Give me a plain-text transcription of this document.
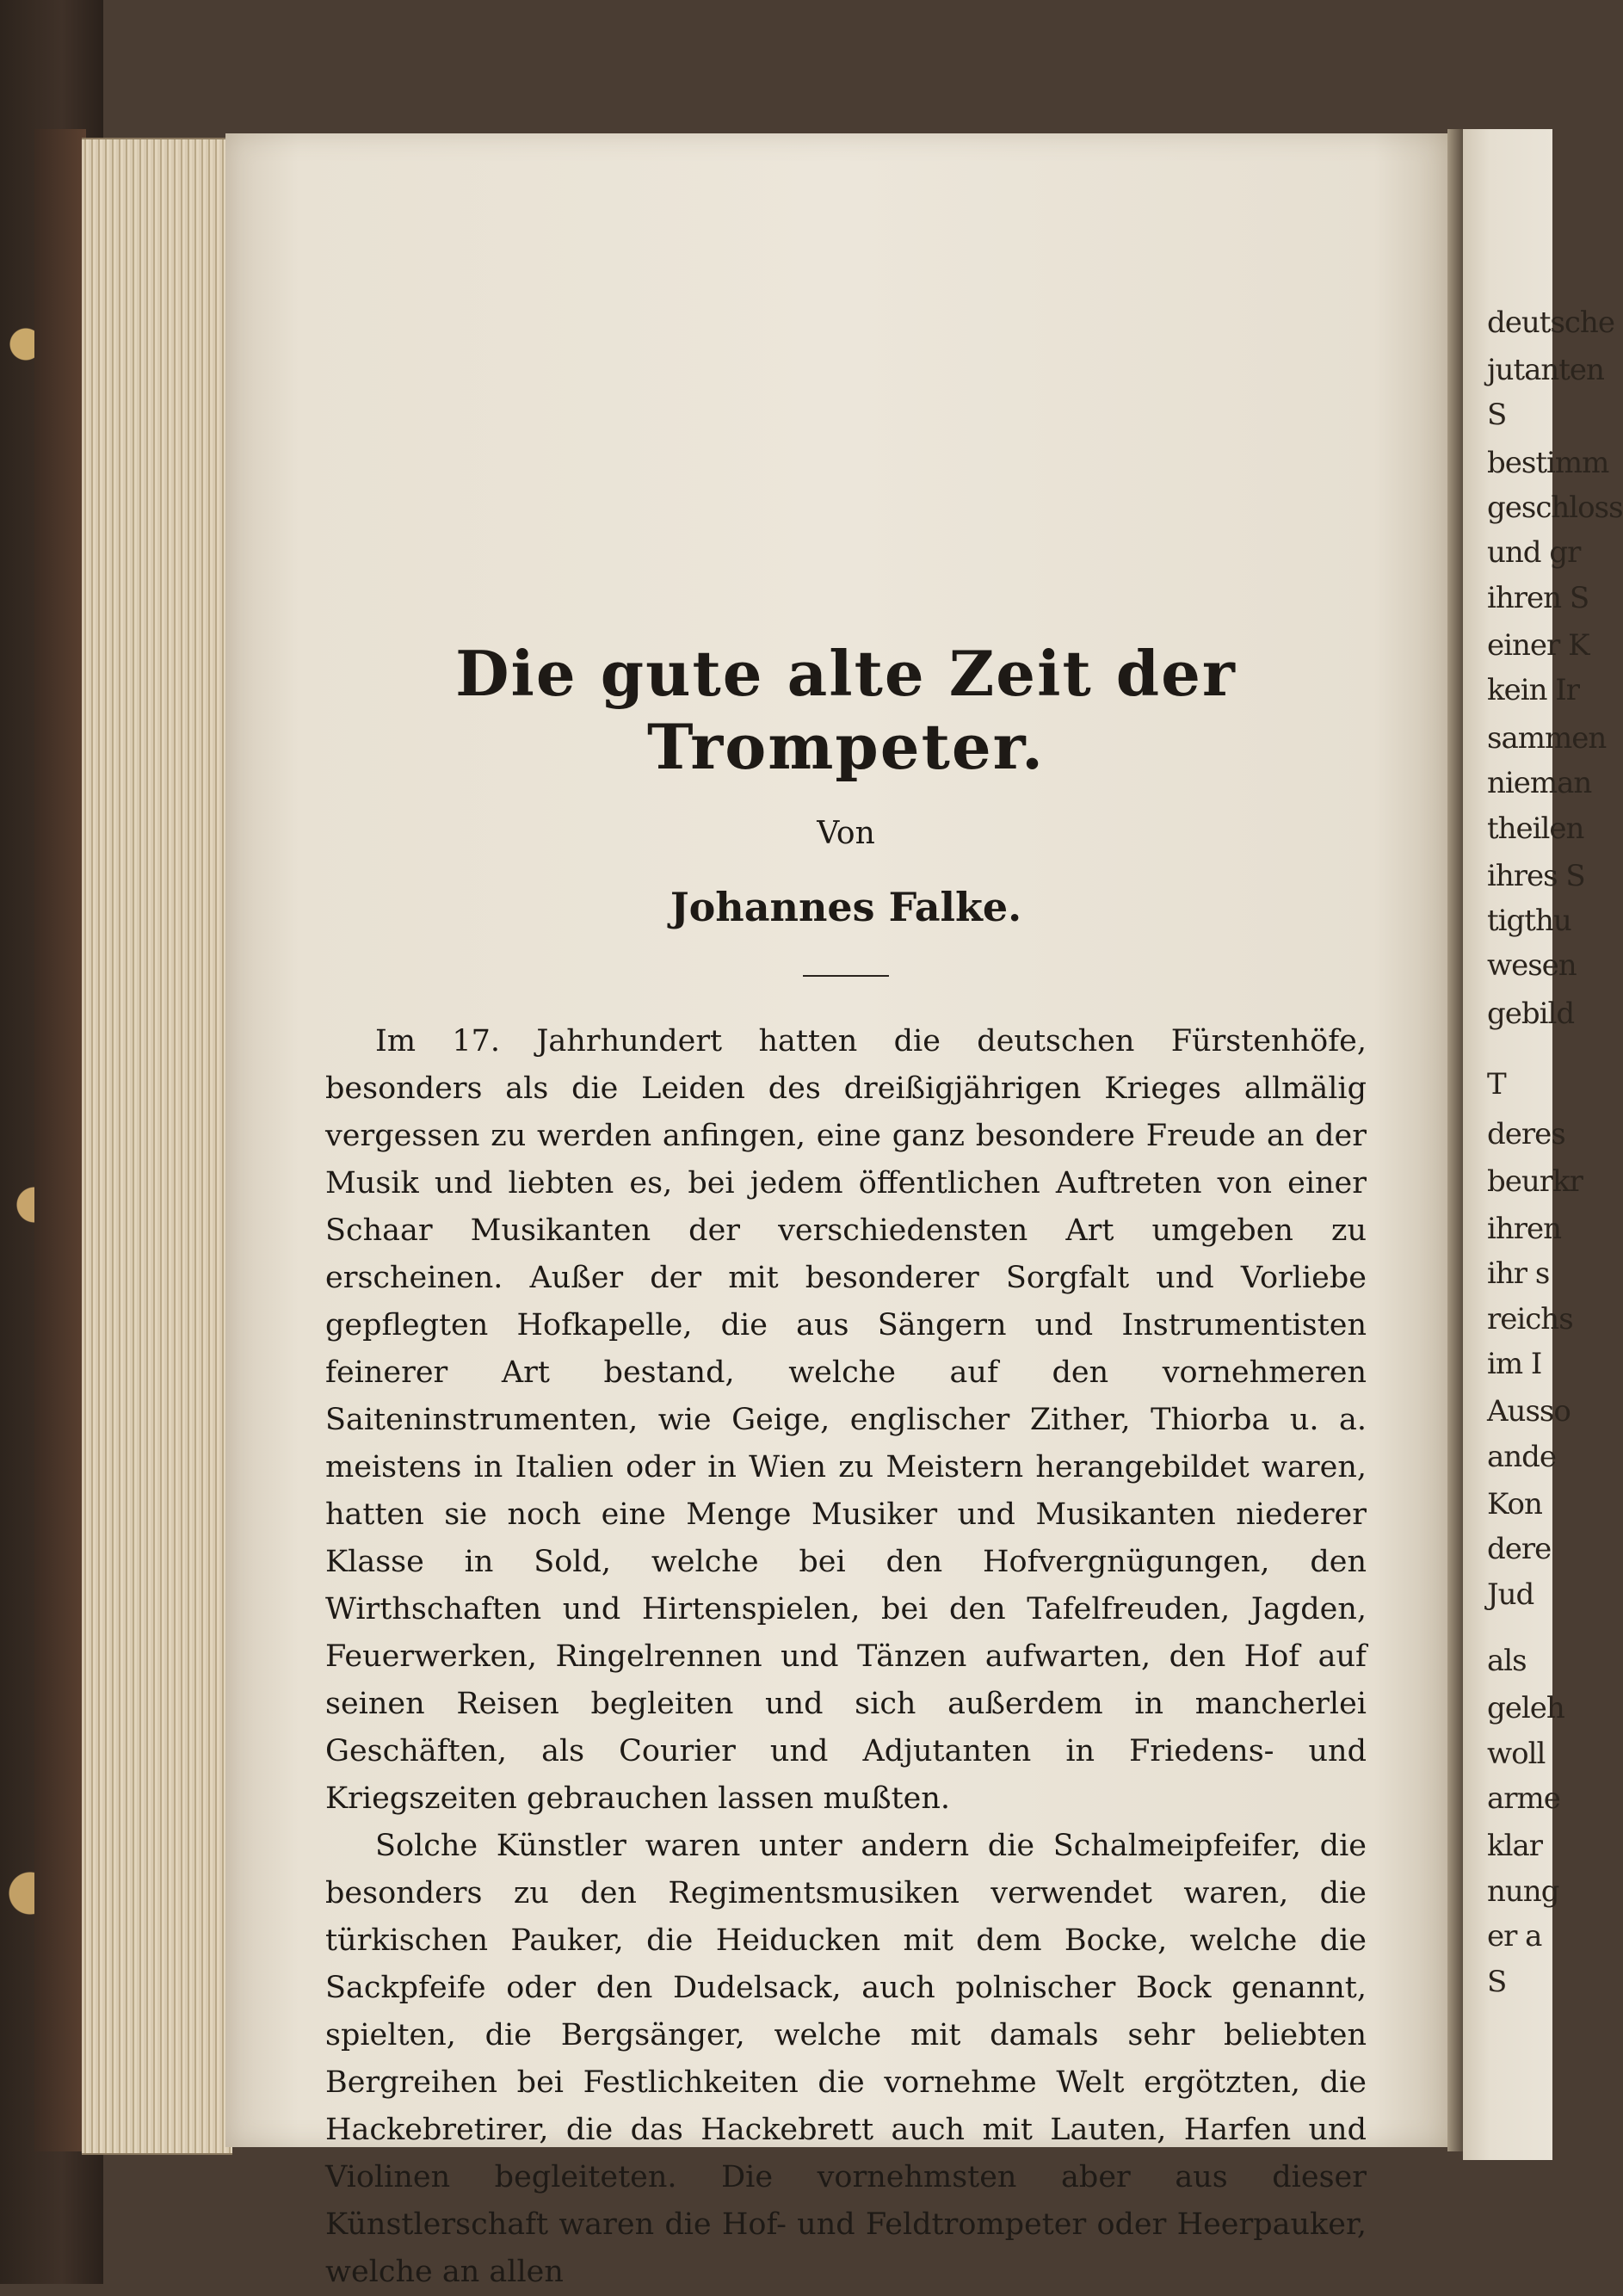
deutsche
jutanten
S
bestimm
geschloss
und gr
ihren S
einer K
kein Ir
sammen
nieman
theilen
ihres S
tigthu
wesen
gebild
T
deres
beurkr
ihren
ihr s
reichs
im I
Ausso
ande
Kon
dere
Jud
als
geleh
woll
arme
klar
nung
er a
S
Die gute alte Zeit der Trompeter.
Von
Johannes Falke.

Im 17. Jahrhundert hatten die deutschen Fürstenhöfe, besonders als die Leiden des dreißigjährigen Krieges allmälig vergessen zu werden anfingen, eine ganz besondere Freude an der Musik und liebten es, bei jedem öffentlichen Auftreten von einer Schaar Musikanten der verschiedensten Art umgeben zu erscheinen. Außer der mit besonderer Sorgfalt und Vorliebe gepflegten Hofkapelle, die aus Sängern und Instrumentisten feinerer Art bestand, welche auf den vornehmeren Saiteninstrumenten, wie Geige, englischer Zither, Thiorba u. a. meistens in Italien oder in Wien zu Meistern herangebildet waren, hatten sie noch eine Menge Musiker und Musikanten niederer Klasse in Sold, welche bei den Hofvergnügungen, den Wirthschaften und Hirtenspielen, bei den Tafelfreuden, Jagden, Feuerwerken, Ringelrennen und Tänzen aufwarten, den Hof auf seinen Reisen begleiten und sich außerdem in mancherlei Geschäften, als Courier und Adjutanten in Friedens- und Kriegszeiten gebrauchen lassen mußten.

Solche Künstler waren unter andern die Schalmeipfeifer, die besonders zu den Regimentsmusiken verwendet waren, die türkischen Pauker, die Heiducken mit dem Bocke, welche die Sackpfeife oder den Dudelsack, auch polnischer Bock genannt, spielten, die Bergsänger, welche mit damals sehr beliebten Bergreihen bei Festlichkeiten die vornehme Welt ergötzten, die Hackebretirer, die das Hackebrett auch mit Lauten, Harfen und Violinen begleiteten. Die vornehmsten aber aus dieser Künstlerschaft waren die Hof- und Feldtrompeter oder Heerpauker, welche an allen
